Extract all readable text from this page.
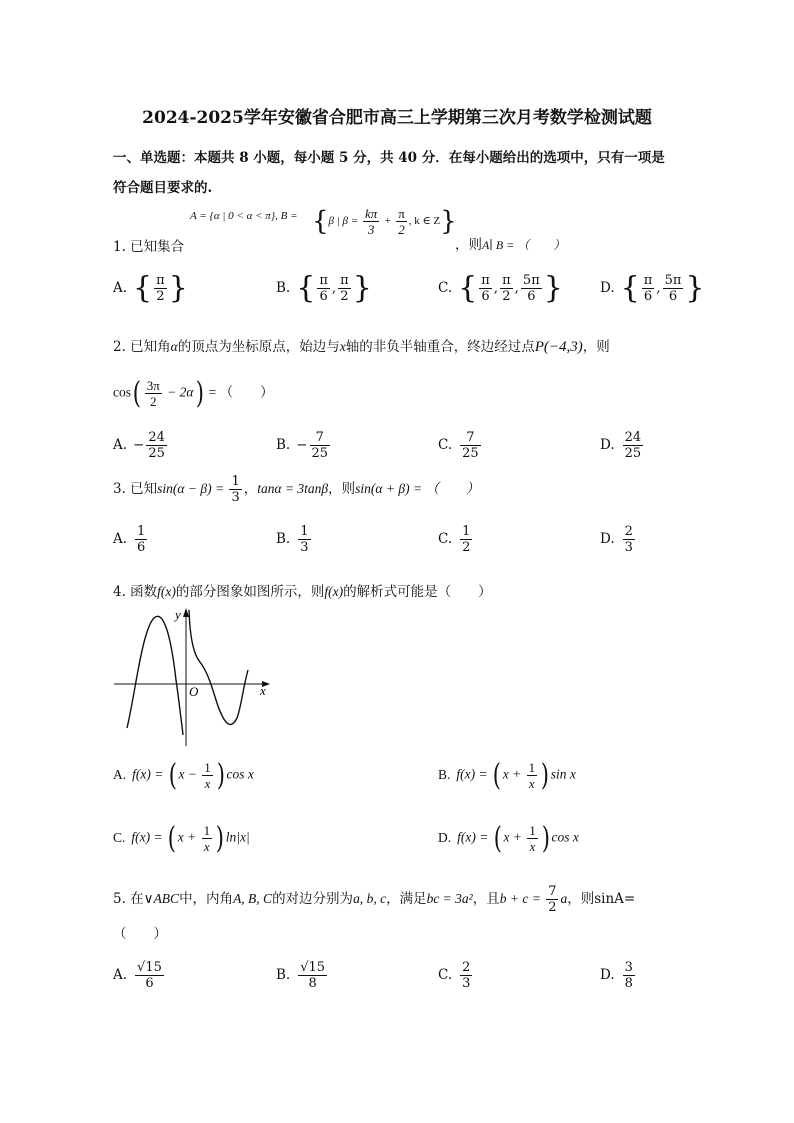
2024-2025学年安徽省合肥市高三上学期第三次月考数学检测试题
一、单选题：本题共 8 小题，每小题 5 分，共 40 分．在每小题给出的选项中，只有一项是
符合题目要求的.
1. 已知集合
A = {α | 0 < α < π}, B = {β | $\beta = \frac{k\pi}{3} + \frac{\pi}{2}$ , k ∈ Z}
，则A∣ B = （　　）
A. { $\frac{\pi}{2}$ }	B. { $\frac{\pi}{6}$ , $\frac{\pi}{2}$ }	C. { $\frac{\pi}{6}$ , $\frac{\pi}{2}$ , $\frac{5\pi}{6}$ }	D. { $\frac{\pi}{6}$ , $\frac{5\pi}{6}$ }
2. 已知角α的顶点为坐标原点，始边与x轴的非负半轴重合，终边经过点P(−4,3)，则
$\cos( \frac{3\pi}{2} - 2\alpha)$ = （　　）
A. − $\frac{24}{25}$	B. − $\frac{7}{25}$	C. $\frac{7}{25}$	D. $\frac{24}{25}$
3. 已知$\sin(\alpha - \beta) = \frac{1}{3}$ ，tanα = 3tanβ，则sin(α + β) = （　　）
A. $\frac{1}{6}$	B. $\frac{1}{3}$	C. $\frac{1}{2}$	D. $\frac{2}{3}$
4. 函数f(x)的部分图象如图所示，则f(x)的解析式可能是（　　）
y
x
O
A. f(x) = ( $x - \frac{1}{x}$ ) cos x	B. f(x) = ( $x + \frac{1}{x}$ ) sin x
C. f(x) = ( $x + \frac{1}{x}$ ) ln|x|	D. f(x) = ( $x + \frac{1}{x}$ ) cos x
5. 在∨ABC中，内角A, B, C的对边分别为a, b, c，满足bc = 3a²，且$b + c = \frac{7}{2}$ a，则sinA=
（　　）
A. $\frac{√15}{6}$	B. $\frac{√15}{8}$	C. $\frac{2}{3}$	D. $\frac{3}{8}$
